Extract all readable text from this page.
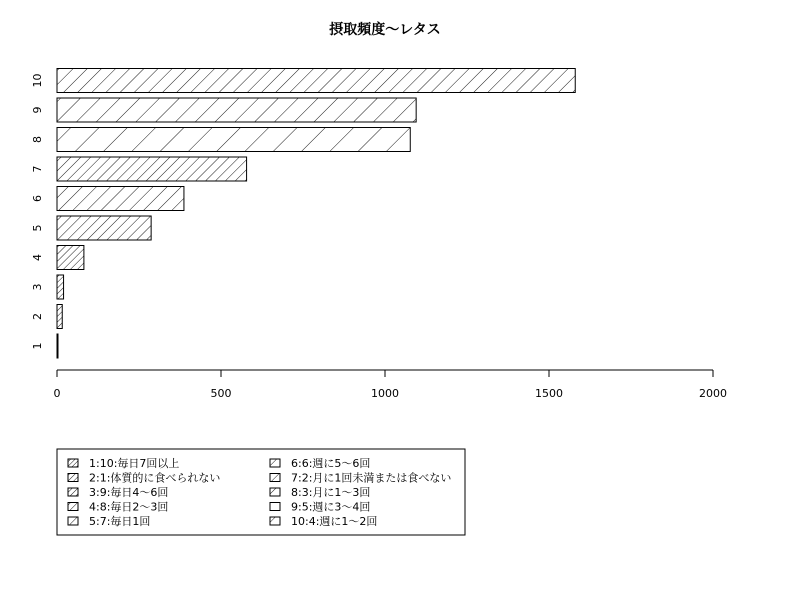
摂取頻度〜レタス
1
2
3
4
5
6
7
8
9
10
0	500	1000	1500	2000
1:10:毎日7回以上
2:1:体質的に食べられない
3:9:毎日4〜6回
4:8:毎日2〜3回
5:7:毎日1回
6:6:週に5〜6回
7:2:月に1回未満または食べない
8:3:月に1〜3回
9:5:週に3〜4回
10:4:週に1〜2回
